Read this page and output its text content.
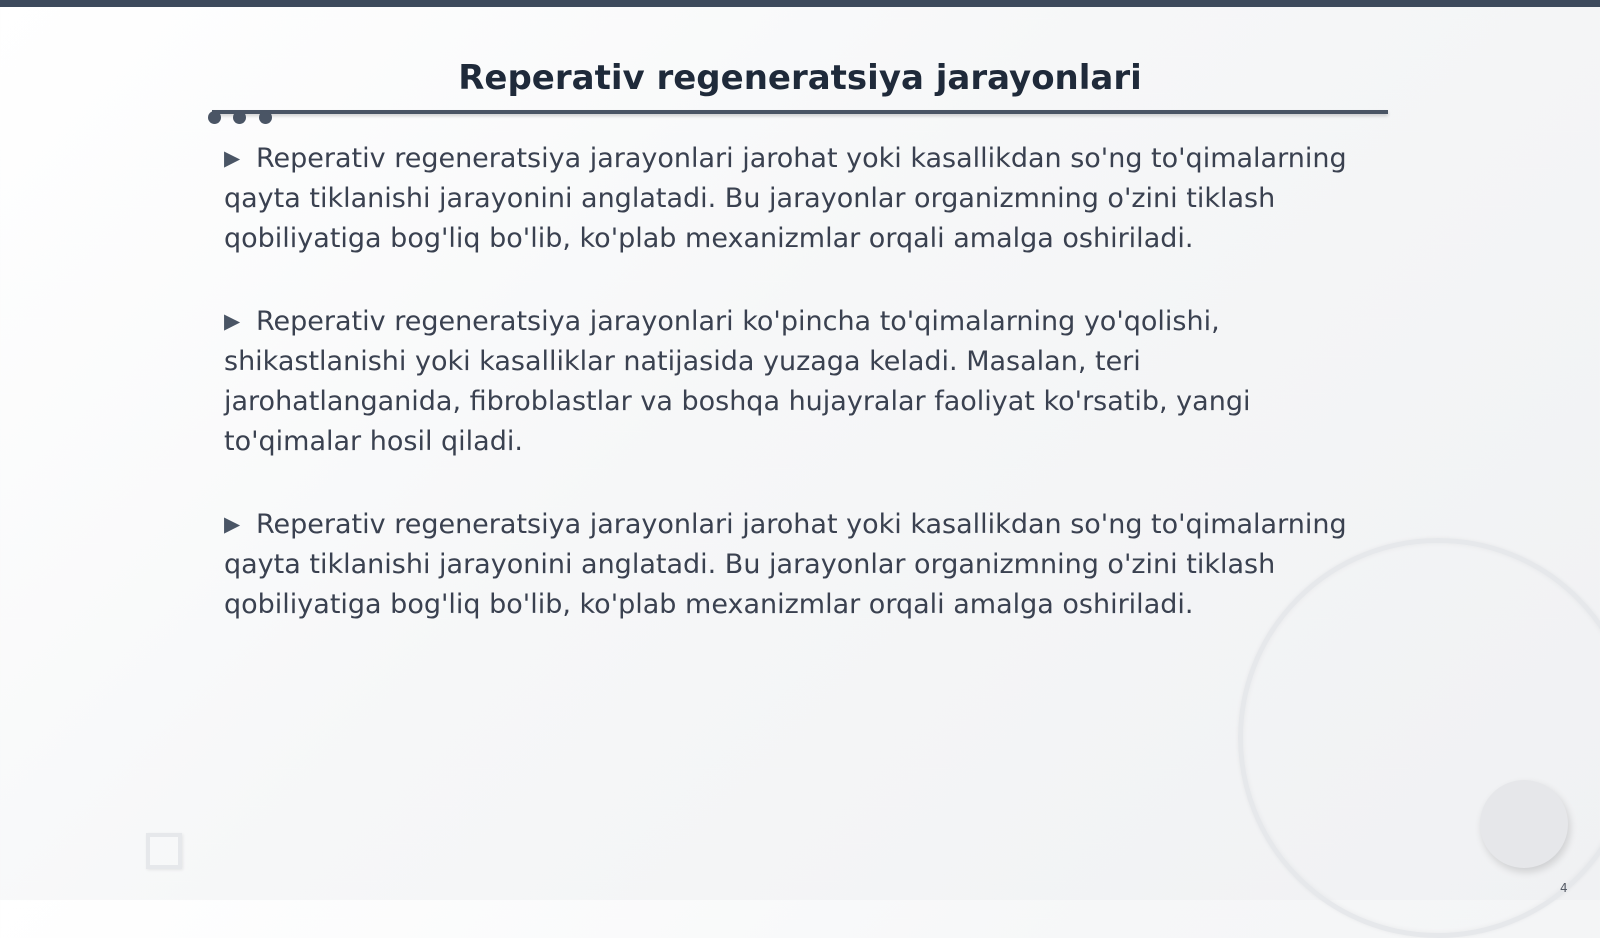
Reperativ regeneratsiya jarayonlari

▶ Reperativ regeneratsiya jarayonlari jarohat yoki kasallikdan so'ng to'qimalarning qayta tiklanishi jarayonini anglatadi. Bu jarayonlar organizmning o'zini tiklash qobiliyatiga bog'liq bo'lib, ko'plab mexanizmlar orqali amalga oshiriladi.

▶ Reperativ regeneratsiya jarayonlari ko'pincha to'qimalarning yo'qolishi, shikastlanishi yoki kasalliklar natijasida yuzaga keladi. Masalan, teri jarohatlanganida, fibroblastlar va boshqa hujayralar faoliyat ko'rsatib, yangi to'qimalar hosil qiladi.

▶ Reperativ regeneratsiya jarayonlari jarohat yoki kasallikdan so'ng to'qimalarning qayta tiklanishi jarayonini anglatadi. Bu jarayonlar organizmning o'zini tiklash qobiliyatiga bog'liq bo'lib, ko'plab mexanizmlar orqali amalga oshiriladi.

4
